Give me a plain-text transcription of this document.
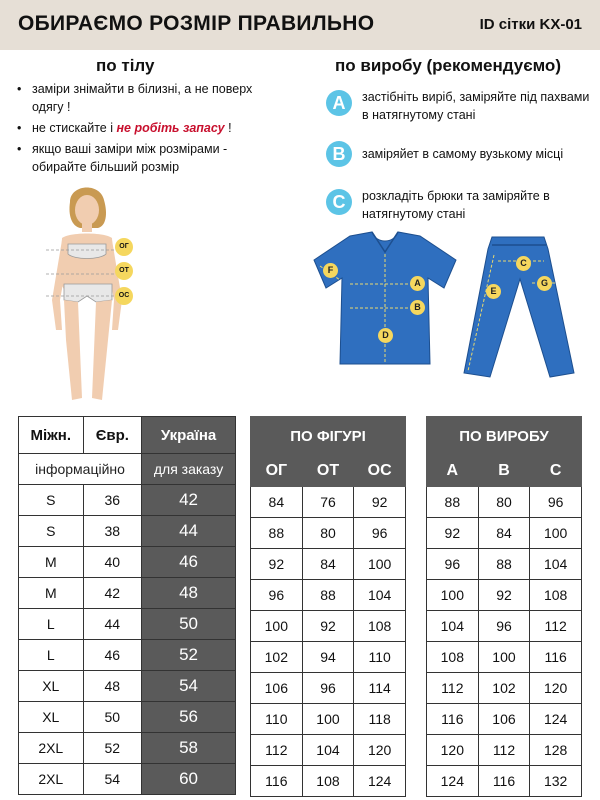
ОБИРАЄМО РОЗМІР ПРАВИЛЬНО	ID сітки KX-01
по тілу
• заміри знімайти в білизні, а не поверх одягу !
• не стискайте і не робіть запасу !
• якщо ваші заміри між розмірами - обирайте більший розмір
ОГ
ОТ
ОС
по виробу (рекомендуємо)
A	застібніть виріб, заміряйте під пахвами в натягнутому стані
B	заміряйет в самому вузькому місці
C	розкладіть брюки та заміряйте в натягнутому стані
F
A
B
D
C
E
G
Міжн.	Євр.	Україна
інформаційно		для заказу
S	36	42
S	38	44
M	40	46
M	42	48
L	44	50
L	46	52
XL	48	54
XL	50	56
2XL	52	58
2XL	54	60
ПО ФІГУРІ		
ОГ	ОТ	ОС
84	76	92
88	80	96
92	84	100
96	88	104
100	92	108
102	94	110
106	96	114
110	100	118
112	104	120
116	108	124
ПО ВИРОБУ		
A	B	C
88	80	96
92	84	100
96	88	104
100	92	108
104	96	112
108	100	116
112	102	120
116	106	124
120	112	128
124	116	132
